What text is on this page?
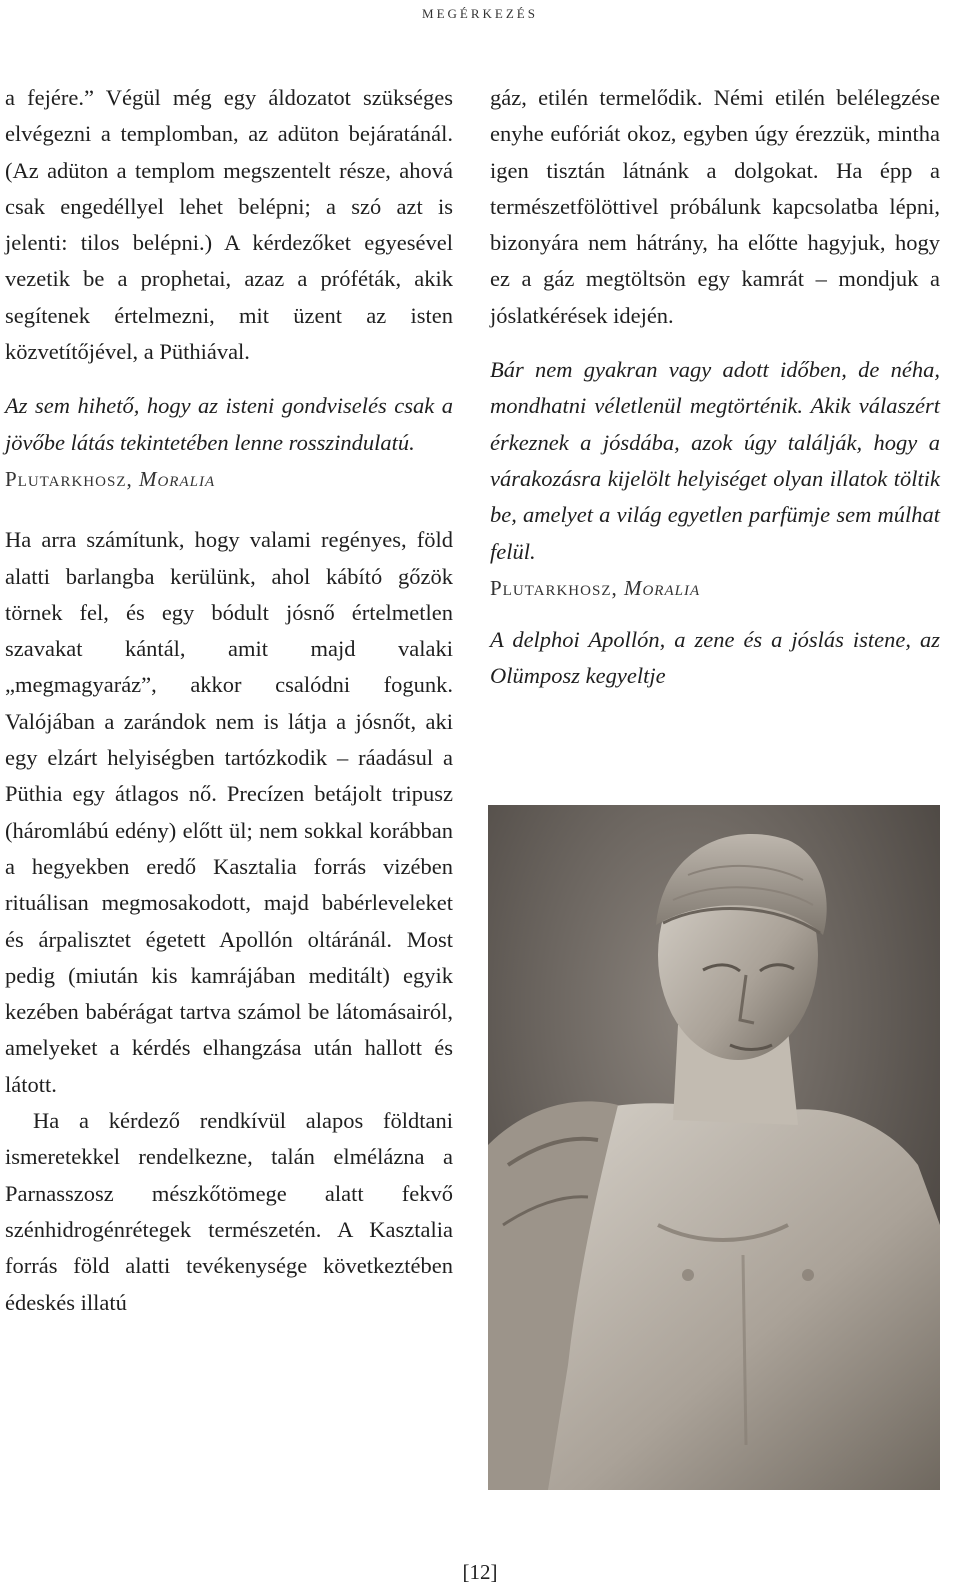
MEGÉRKEZÉS

a fejére.” Végül még egy áldozatot szükséges elvégezni a templomban, az adüton bejáratánál. (Az adüton a templom megszentelt része, ahová csak engedéllyel lehet belépni; a szó azt is jelenti: tilos belépni.) A kérdezőket egyesével vezetik be a prophetai, azaz a próféták, akik segítenek értelmezni, mit üzent az isten közvetítőjével, a Püthiával.

Az sem hihető, hogy az isteni gondviselés csak a jövőbe látás tekintetében lenne rosszindulatú.

Plutarkhosz, Moralia

Ha arra számítunk, hogy valami regényes, föld alatti barlangba kerülünk, ahol kábító gőzök törnek fel, és egy bódult jósnő értelmetlen szavakat kántál, amit majd valaki „megmagyaráz”, akkor csalódni fogunk. Valójában a zarándok nem is látja a jósnőt, aki egy elzárt helyiségben tartózkodik – ráadásul a Püthia egy átlagos nő. Precízen betájolt tripusz (háromlábú edény) előtt ül; nem sokkal korábban a hegyekben eredő Kasztalia forrás vizében rituálisan megmosakodott, majd babérleveleket és árpalisztet égetett Apollón oltáránál. Most pedig (miután kis kamrájában meditált) egyik kezében babérágat tartva számol be látomásairól, amelyeket a kérdés elhangzása után hallott és látott.

Ha a kérdező rendkívül alapos földtani ismeretekkel rendelkezne, talán elmélázna a Parnasszosz mészkőtömege alatt fekvő szénhidrogénrétegek természetén. A Kasztalia forrás föld alatti tevékenysége következtében édeskés illatú

gáz, etilén termelődik. Némi etilén belélegzése enyhe eufóriát okoz, egyben úgy érezzük, mintha igen tisztán látnánk a dolgokat. Ha épp a természetfölöttivel próbálunk kapcsolatba lépni, bizonyára nem hátrány, ha előtte hagyjuk, hogy ez a gáz megtöltsön egy kamrát – mondjuk a jóslatkérések idején.

Bár nem gyakran vagy adott időben, de néha, mondhatni véletlenül megtörténik. Akik válaszért érkeznek a jósdába, azok úgy találják, hogy a várakozásra kijelölt helyiséget olyan illatok töltik be, amelyet a világ egyetlen parfümje sem múlhat felül.

Plutarkhosz, Moralia

A delphoi Apollón, a zene és a jóslás istene, az Olümposz kegyeltje

[12]
